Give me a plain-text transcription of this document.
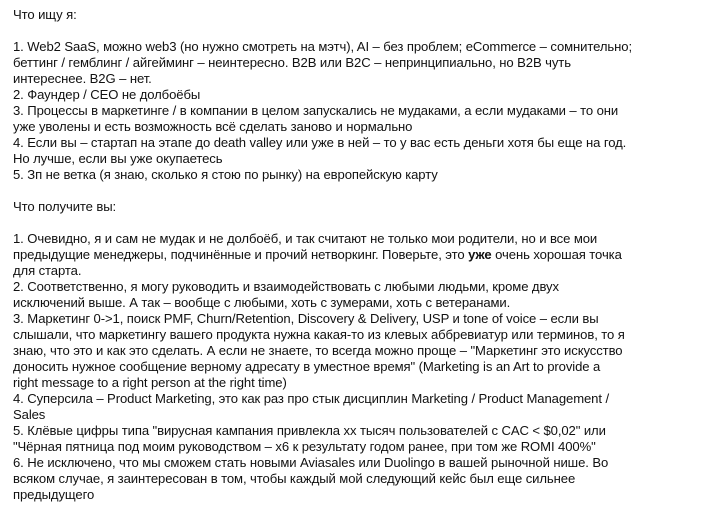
Что ищу я:
1. Web2 SaaS, можно web3 (но нужно смотреть на мэтч), AI – без проблем; eCommerce – сомнительно;
беттинг / гемблинг / айгейминг – неинтересно. B2B или B2C – непринципиально, но B2B чуть
интереснее. B2G – нет.
2. Фаундер / CEO не долбоёбы
3. Процессы в маркетинге / в компании в целом запускались не мудаками, а если мудаками – то они
уже уволены и есть возможность всё сделать заново и нормально
4. Если вы – стартап на этапе до death valley или уже в ней – то у вас есть деньги хотя бы еще на год.
Но лучше, если вы уже окупаетесь
5. Зп не ветка (я знаю, сколько я стою по рынку) на европейскую карту
Что получите вы:
1. Очевидно, я и сам не мудак и не долбоёб, и так считают не только мои родители, но и все мои
предыдущие менеджеры, подчинённые и прочий нетворкинг. Поверьте, это уже очень хорошая точка
для старта.
2. Соответственно, я могу руководить и взаимодействовать с любыми людьми, кроме двух
исключений выше. А так – вообще с любыми, хоть с зумерами, хоть с ветеранами.
3. Маркетинг 0->1, поиск PMF, Churn/Retention, Discovery & Delivery, USP и tone of voice – если вы
слышали, что маркетингу вашего продукта нужна какая-то из клевых аббревиатур или терминов, то я
знаю, что это и как это сделать. А если не знаете, то всегда можно проще – "Маркетинг это искусство
доносить нужное сообщение верному адресату в уместное время" (Marketing is an Art to provide a
right message to a right person at the right time)
4. Суперсила – Product Marketing, это как раз про стык дисциплин Marketing / Product Management /
Sales
5. Клёвые цифры типа "вирусная кампания привлекла xx тысяч пользователей с CAC < $0,02" или
"Чёрная пятница под моим руководством – x6 к результату годом ранее, при том же ROMI 400%"
6. Не исключено, что мы сможем стать новыми Aviasales или Duolingo в вашей рыночной нише. Во
всяком случае, я заинтересован в том, чтобы каждый мой следующий кейс был еще сильнее
предыдущего
